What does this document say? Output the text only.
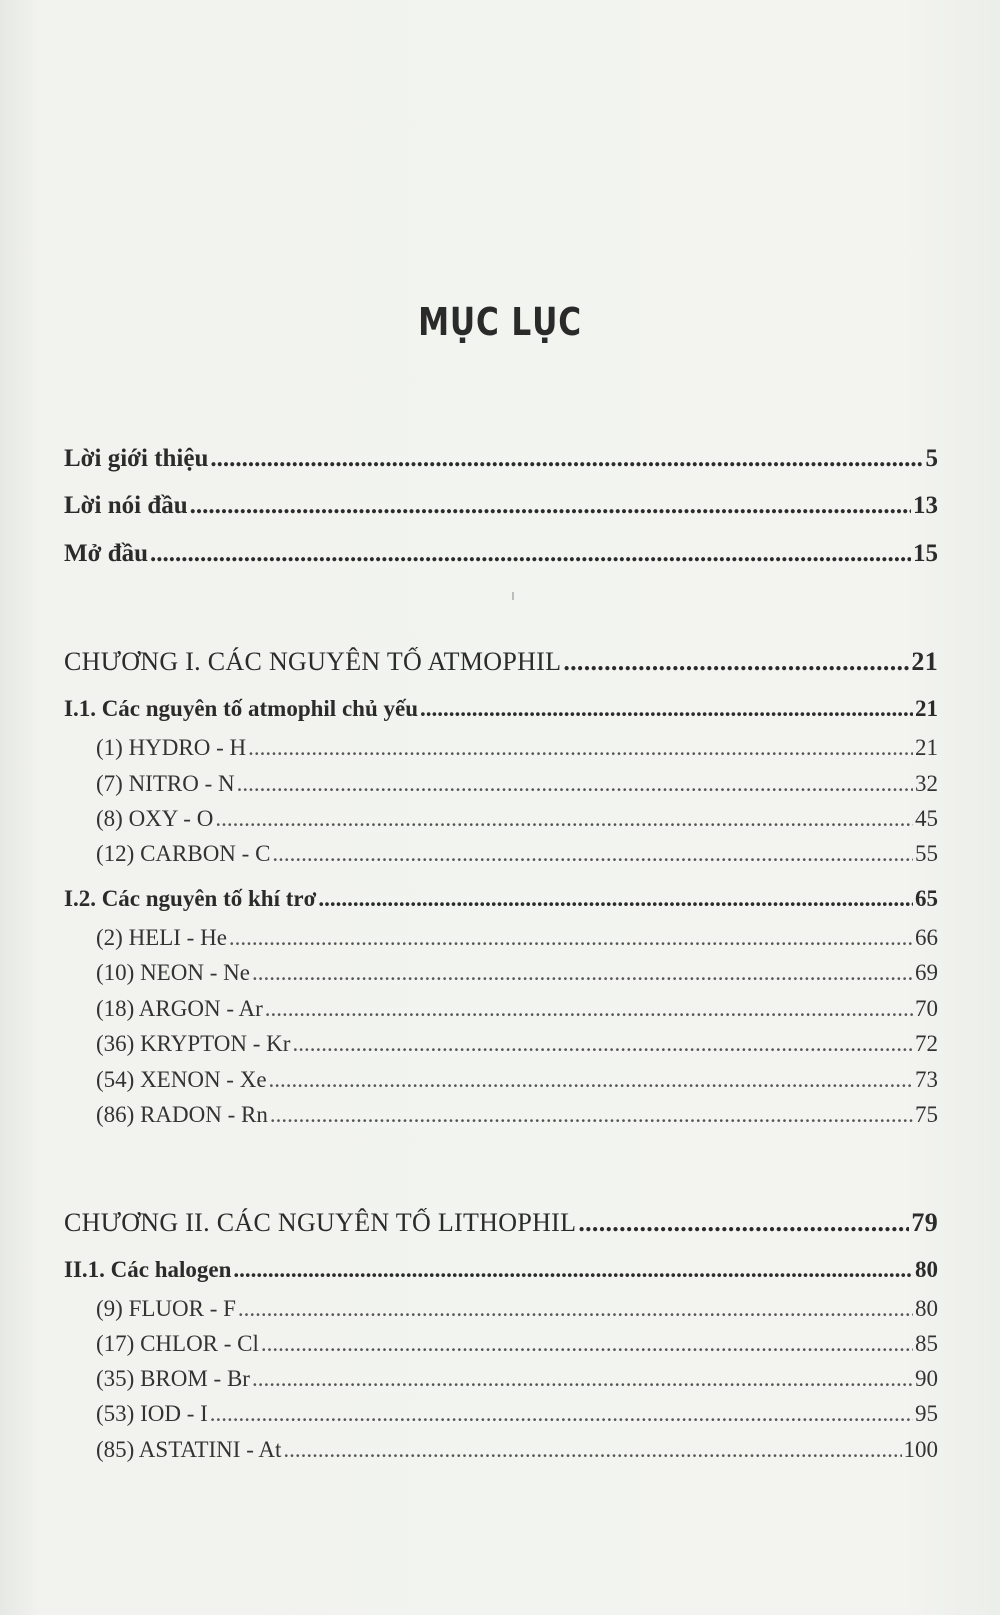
MỤC LỤC
Lời giới thiệu .....	5
Lời nói đầu .....	13
Mở đầu .....	15
CHƯƠNG I. CÁC NGUYÊN TỐ ATMOPHIL .....	21
I.1. Các nguyên tố atmophil chủ yếu .....	21
(1) HYDRO - H .....	21
(7) NITRO - N .....	32
(8) OXY - O .....	45
(12) CARBON - C .....	55
I.2. Các nguyên tố khí trơ .....	65
(2) HELI - He .....	66
(10) NEON - Ne .....	69
(18) ARGON - Ar .....	70
(36) KRYPTON - Kr .....	72
(54) XENON - Xe .....	73
(86) RADON - Rn .....	75
CHƯƠNG II. CÁC NGUYÊN TỐ LITHOPHIL .....	79
II.1. Các halogen .....	80
(9) FLUOR - F .....	80
(17) CHLOR - Cl .....	85
(35) BROM - Br .....	90
(53) IOD - I .....	95
(85) ASTATINI - At .....	100
